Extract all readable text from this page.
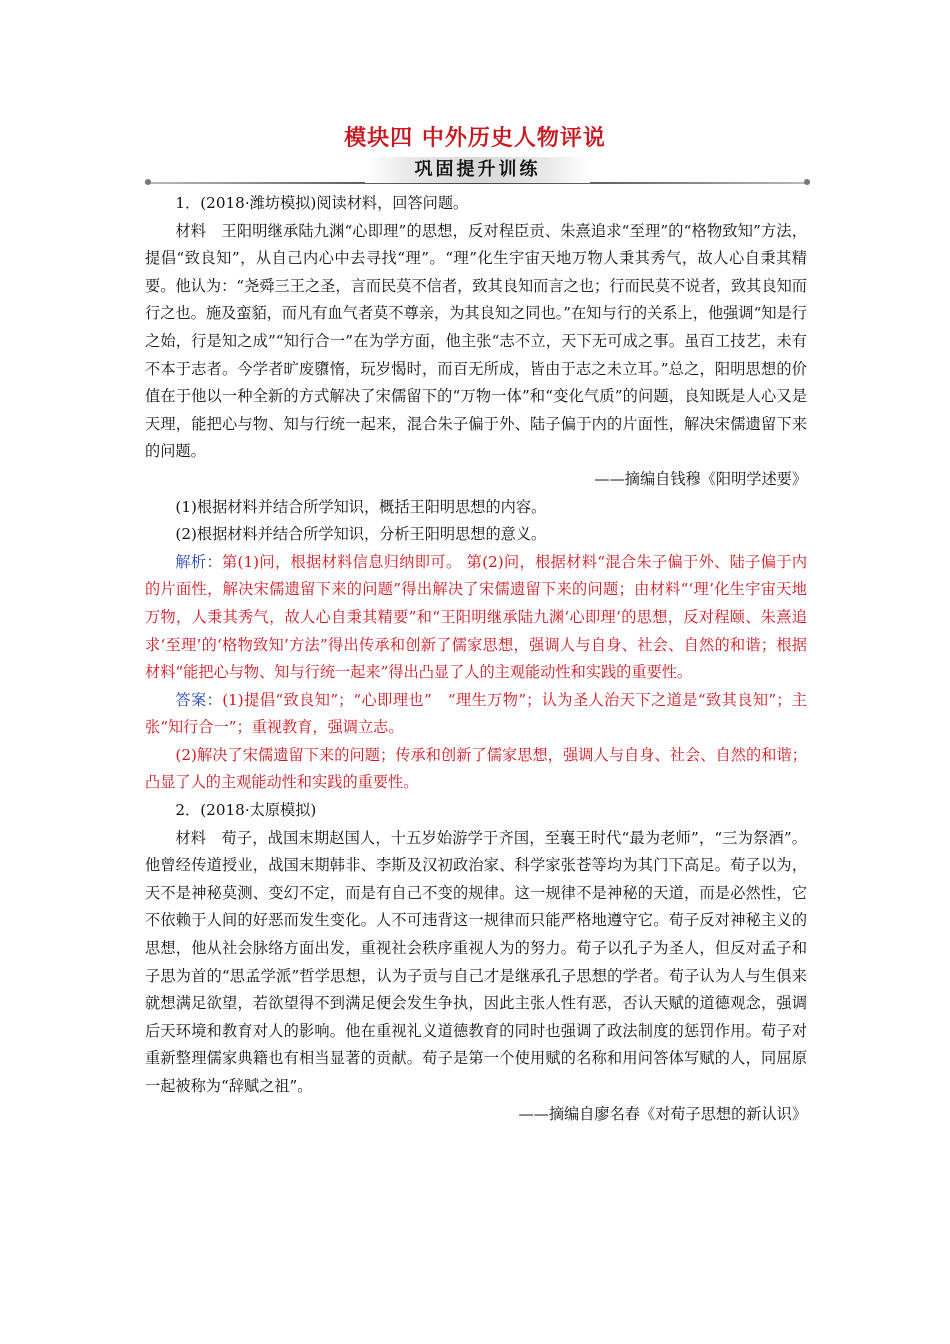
模块四 中外历史人物评说
巩固提升训练

1．(2018·潍坊模拟)阅读材料，回答问题。

材料　王阳明继承陆九渊“心即理”的思想，反对程臣贡、朱熹追求“至理”的“格物致知”方法，提倡“致良知”，从自己内心中去寻找“理”。“理”化生宇宙天地万物人秉其秀气，故人心自秉其精要。他认为：“尧舜三王之圣，言而民莫不信者，致其良知而言之也；行而民莫不说者，致其良知而行之也。施及蛮貊，而凡有血气者莫不尊亲，为其良知之同也。”在知与行的关系上，他强调“知是行之始，行是知之成”“知行合一”在为学方面，他主张“志不立，天下无可成之事。虽百工技艺，未有不本于志者。今学者旷废隳惰，玩岁愒时，而百无所成，皆由于志之未立耳。”总之，阳明思想的价值在于他以一种全新的方式解决了宋儒留下的“万物一体”和“变化气质”的问题，良知既是人心又是天理，能把心与物、知与行统一起来，混合朱子偏于外、陆子偏于内的片面性，解决宋儒遗留下来的问题。

——摘编自钱穆《阳明学述要》

(1)根据材料并结合所学知识，概括王阳明思想的内容。

(2)根据材料并结合所学知识，分析王阳明思想的意义。

解析：第(1)问，根据材料信息归纳即可。 第(2)问，根据材料“混合朱子偏于外、陆子偏于内的片面性，解决宋儒遗留下来的问题”得出解决了宋儒遗留下来的问题；由材料“‘理’化生宇宙天地万物，人秉其秀气，故人心自秉其精要”和“王阳明继承陆九渊‘心即理’的思想，反对程颐、朱熹追求‘至理’的‘格物致知’方法”得出传承和创新了儒家思想，强调人与自身、社会、自然的和谐；根据材料“能把心与物、知与行统一起来”得出凸显了人的主观能动性和实践的重要性。

答案：(1)提倡“致良知”；“心即理也”　“理生万物”；认为圣人治天下之道是“致其良知”；主张“知行合一”；重视教育，强调立志。

(2)解决了宋儒遗留下来的问题；传承和创新了儒家思想，强调人与自身、社会、自然的和谐；凸显了人的主观能动性和实践的重要性。

2．(2018·太原模拟)

材料　荀子，战国末期赵国人，十五岁始游学于齐国，至襄王时代“最为老师”，“三为祭酒”。他曾经传道授业，战国末期韩非、李斯及汉初政治家、科学家张苍等均为其门下高足。荀子以为，天不是神秘莫测、变幻不定，而是有自己不变的规律。这一规律不是神秘的天道，而是必然性，它不依赖于人间的好恶而发生变化。人不可违背这一规律而只能严格地遵守它。荀子反对神秘主义的思想，他从社会脉络方面出发，重视社会秩序重视人为的努力。荀子以孔子为圣人，但反对孟子和子思为首的“思孟学派”哲学思想，认为子贡与自己才是继承孔子思想的学者。荀子认为人与生俱来就想满足欲望，若欲望得不到满足便会发生争执，因此主张人性有恶，否认天赋的道德观念，强调后天环境和教育对人的影响。他在重视礼义道德教育的同时也强调了政法制度的惩罚作用。荀子对重新整理儒家典籍也有相当显著的贡献。荀子是第一个使用赋的名称和用问答体写赋的人，同屈原一起被称为“辞赋之祖”。

——摘编自廖名春《对荀子思想的新认识》
